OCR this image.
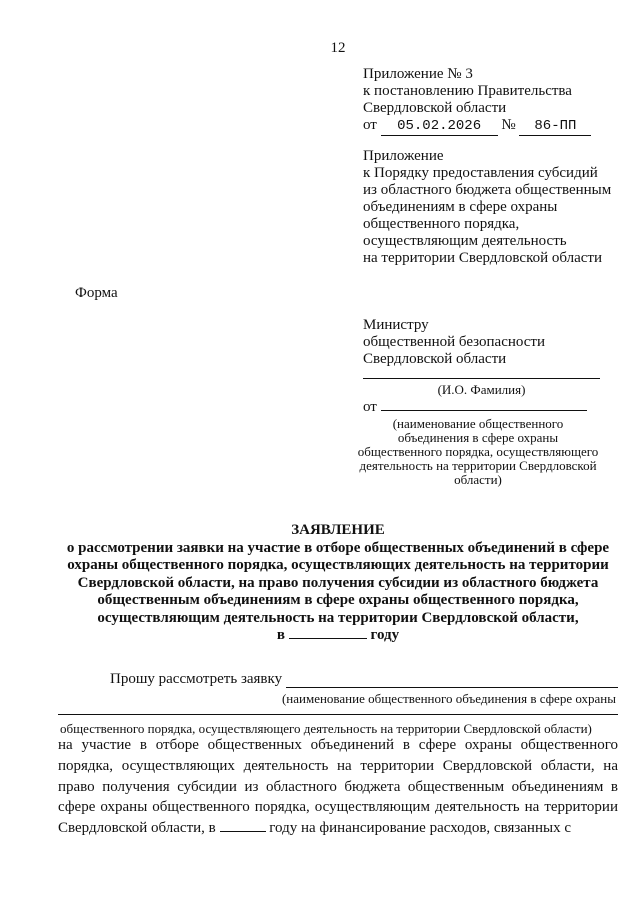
12
Приложение № 3
к постановлению Правительства
Свердловской области
от 05.02.2026 № 86-ПП
Приложение
к Порядку предоставления субсидий
из областного бюджета общественным
объединениям в сфере охраны
общественного порядка,
осуществляющим деятельность
на территории Свердловской области
Форма
Министру
общественной безопасности
Свердловской области
(И.О. Фамилия)
от
(наименование общественного
объединения в сфере охраны
общественного порядка, осуществляющего
деятельность на территории Свердловской
области)
ЗАЯВЛЕНИЕ
о рассмотрении заявки на участие в отборе общественных объединений в сфере
охраны общественного порядка, осуществляющих деятельность на территории
Свердловской области, на право получения субсидии из областного бюджета
общественным объединениям в сфере охраны общественного порядка,
осуществляющим деятельность на территории Свердловской области,
в	году
Прошу рассмотреть заявку
(наименование общественного объединения в сфере охраны
общественного порядка, осуществляющего деятельность на территории Свердловской области)
на участие в отборе общественных объединений в сфере охраны общественного порядка, осуществляющих деятельность на территории Свердловской области, на право получения субсидии из областного бюджета общественным объединениям в сфере охраны общественного порядка, осуществляющим деятельность на территории Свердловской области, в	году на финансирование расходов, связанных с
